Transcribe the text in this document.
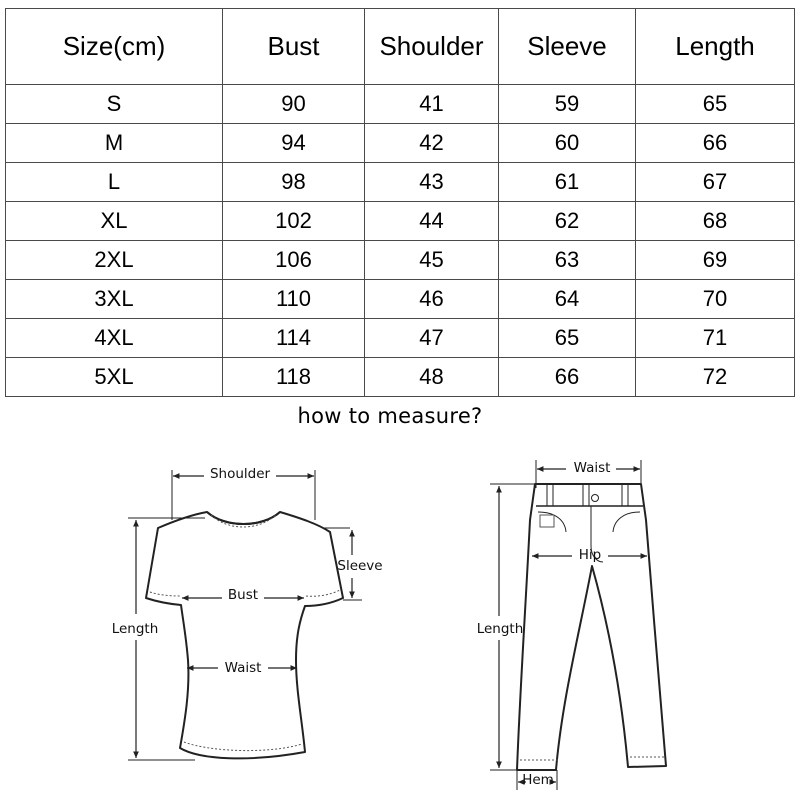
Size(cm)	Bust	Shoulder	Sleeve	Length
S	90	41	59	65
M	94	42	60	66
L	98	43	61	67
XL	102	44	62	68
2XL	106	45	63	69
3XL	110	46	64	70
4XL	114	47	65	71
5XL	118	48	66	72
how to measure?
Shoulder
Sleeve
Bust
Waist
Length
Waist
Hip
Length
Hem
